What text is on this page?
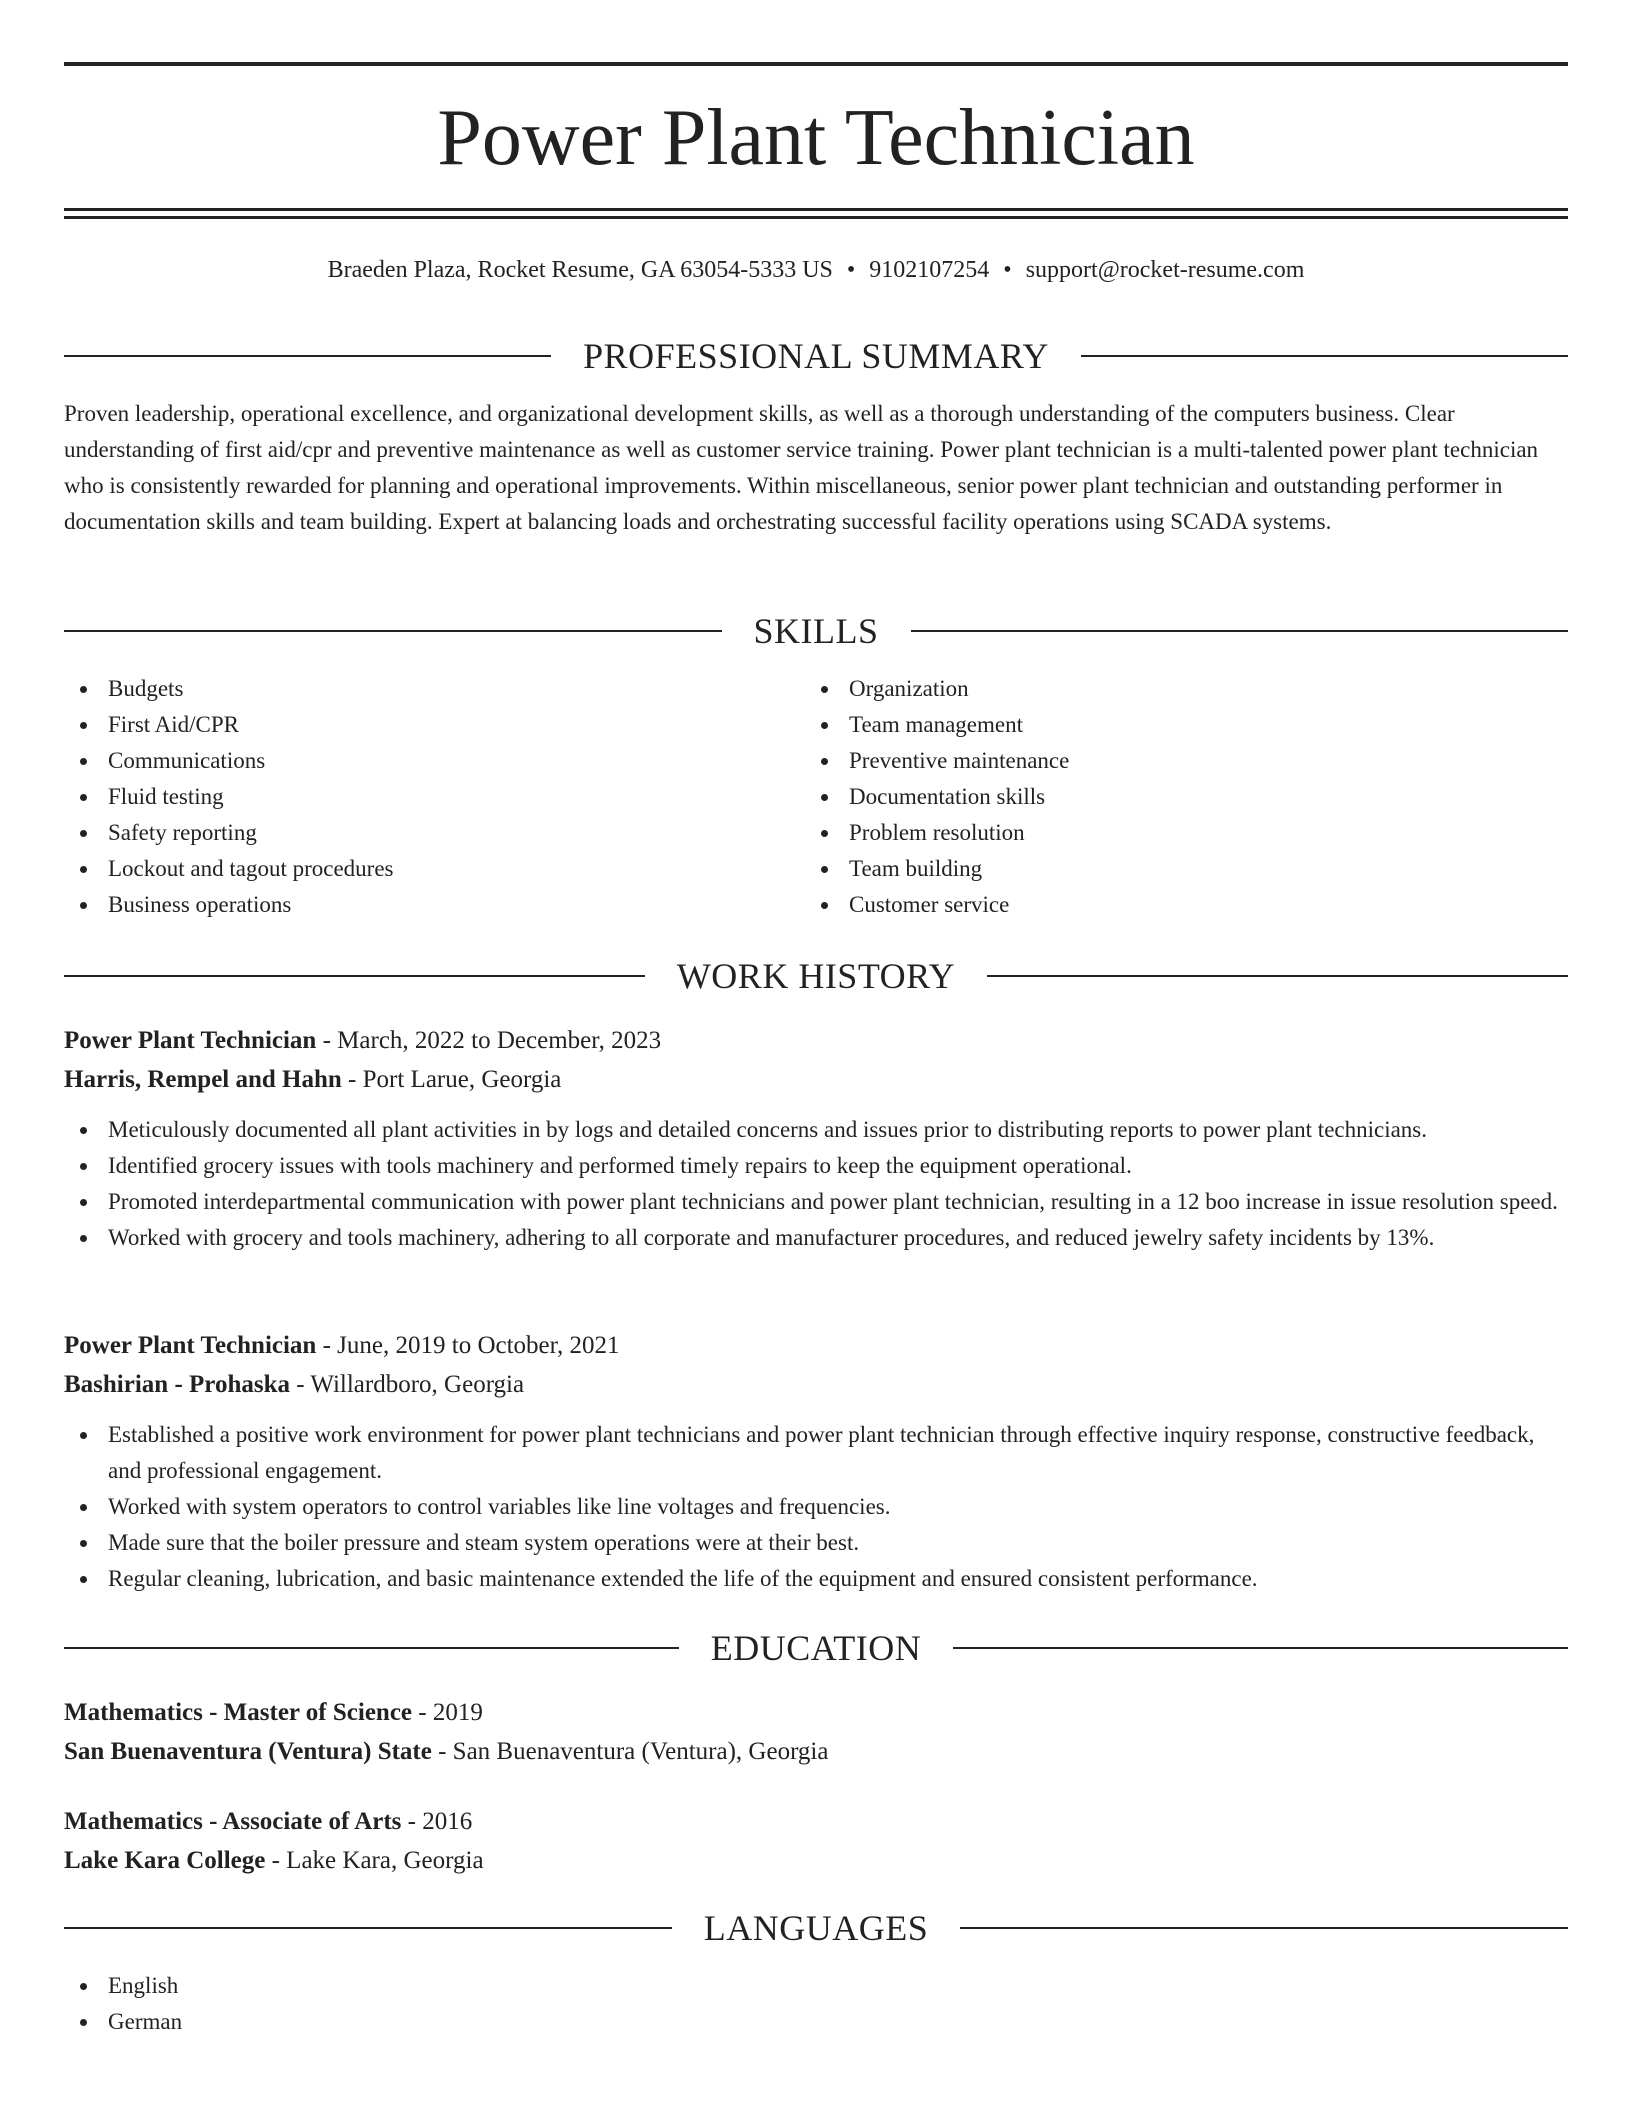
Power Plant Technician
Braeden Plaza, Rocket Resume, GA 63054-5333 US • 9102107254 • support@rocket-resume.com
PROFESSIONAL SUMMARY

Proven leadership, operational excellence, and organizational development skills, as well as a thorough understanding of the computers business. Clear understanding of first aid/cpr and preventive maintenance as well as customer service training. Power plant technician is a multi-talented power plant technician who is consistently rewarded for planning and operational improvements. Within miscellaneous, senior power plant technician and outstanding performer in documentation skills and team building. Expert at balancing loads and orchestrating successful facility operations using SCADA systems.

SKILLS
Budgets
First Aid/CPR
Communications
Fluid testing
Safety reporting
Lockout and tagout procedures
Business operations
Organization
Team management
Preventive maintenance
Documentation skills
Problem resolution
Team building
Customer service
WORK HISTORY
Power Plant Technician - March, 2022 to December, 2023
Harris, Rempel and Hahn - Port Larue, Georgia
Meticulously documented all plant activities in by logs and detailed concerns and issues prior to distributing reports to power plant technicians.
Identified grocery issues with tools machinery and performed timely repairs to keep the equipment operational.
Promoted interdepartmental communication with power plant technicians and power plant technician, resulting in a 12 boo increase in issue resolution speed.
Worked with grocery and tools machinery, adhering to all corporate and manufacturer procedures, and reduced jewelry safety incidents by 13%.
Power Plant Technician - June, 2019 to October, 2021
Bashirian - Prohaska - Willardboro, Georgia
Established a positive work environment for power plant technicians and power plant technician through effective inquiry response, constructive feedback, and professional engagement.
Worked with system operators to control variables like line voltages and frequencies.
Made sure that the boiler pressure and steam system operations were at their best.
Regular cleaning, lubrication, and basic maintenance extended the life of the equipment and ensured consistent performance.
EDUCATION
Mathematics - Master of Science - 2019
San Buenaventura (Ventura) State - San Buenaventura (Ventura), Georgia
Mathematics - Associate of Arts - 2016
Lake Kara College - Lake Kara, Georgia
LANGUAGES
English
German
